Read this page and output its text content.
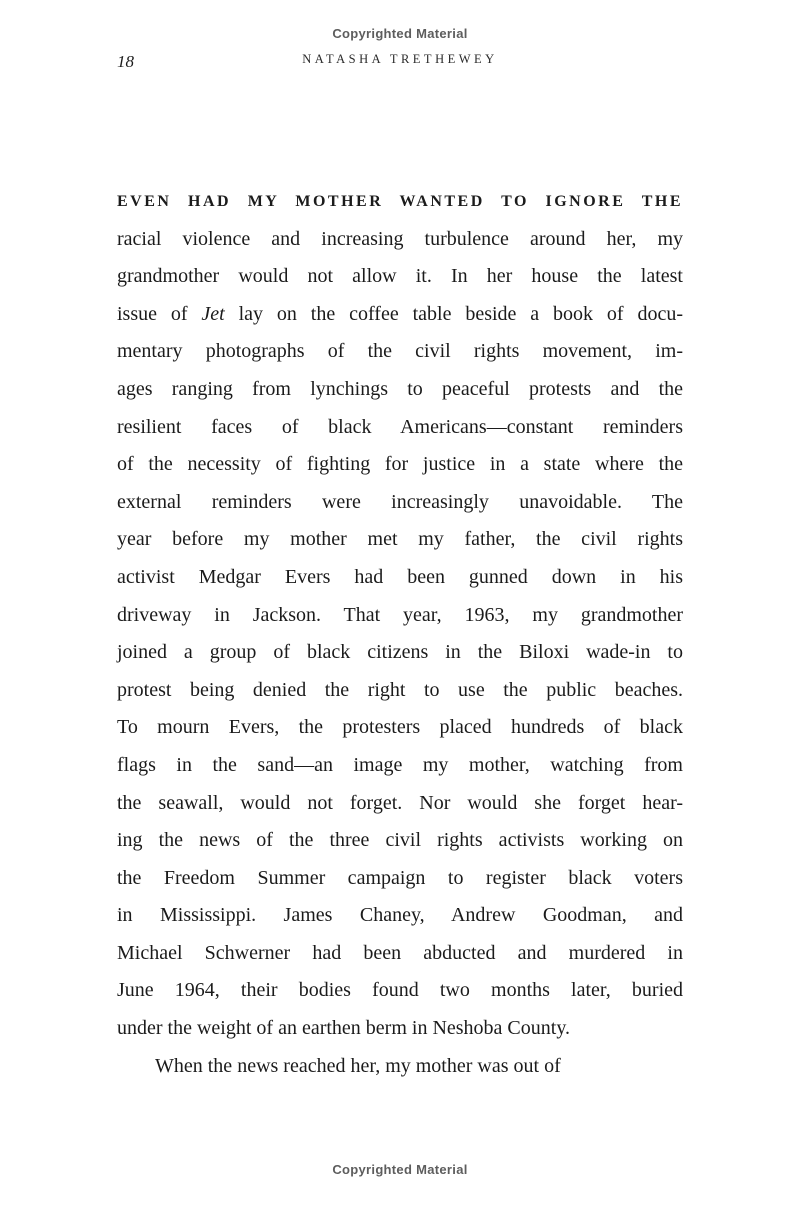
Copyrighted Material
18	NATASHA TRETHEWEY
EVEN HAD MY MOTHER WANTED TO IGNORE THE
racial violence and increasing turbulence around her, my
grandmother would not allow it. In her house the latest
issue of Jet lay on the coffee table beside a book of docu-
mentary photographs of the civil rights movement, im-
ages ranging from lynchings to peaceful protests and the
resilient faces of black Americans—constant reminders
of the necessity of fighting for justice in a state where the
external reminders were increasingly unavoidable. The
year before my mother met my father, the civil rights
activist Medgar Evers had been gunned down in his
driveway in Jackson. That year, 1963, my grandmother
joined a group of black citizens in the Biloxi wade-in to
protest being denied the right to use the public beaches.
To mourn Evers, the protesters placed hundreds of black
flags in the sand—an image my mother, watching from
the seawall, would not forget. Nor would she forget hear-
ing the news of the three civil rights activists working on
the Freedom Summer campaign to register black voters
in Mississippi. James Chaney, Andrew Goodman, and
Michael Schwerner had been abducted and murdered in
June 1964, their bodies found two months later, buried
under the weight of an earthen berm in Neshoba County.
When the news reached her, my mother was out of
Copyrighted Material
